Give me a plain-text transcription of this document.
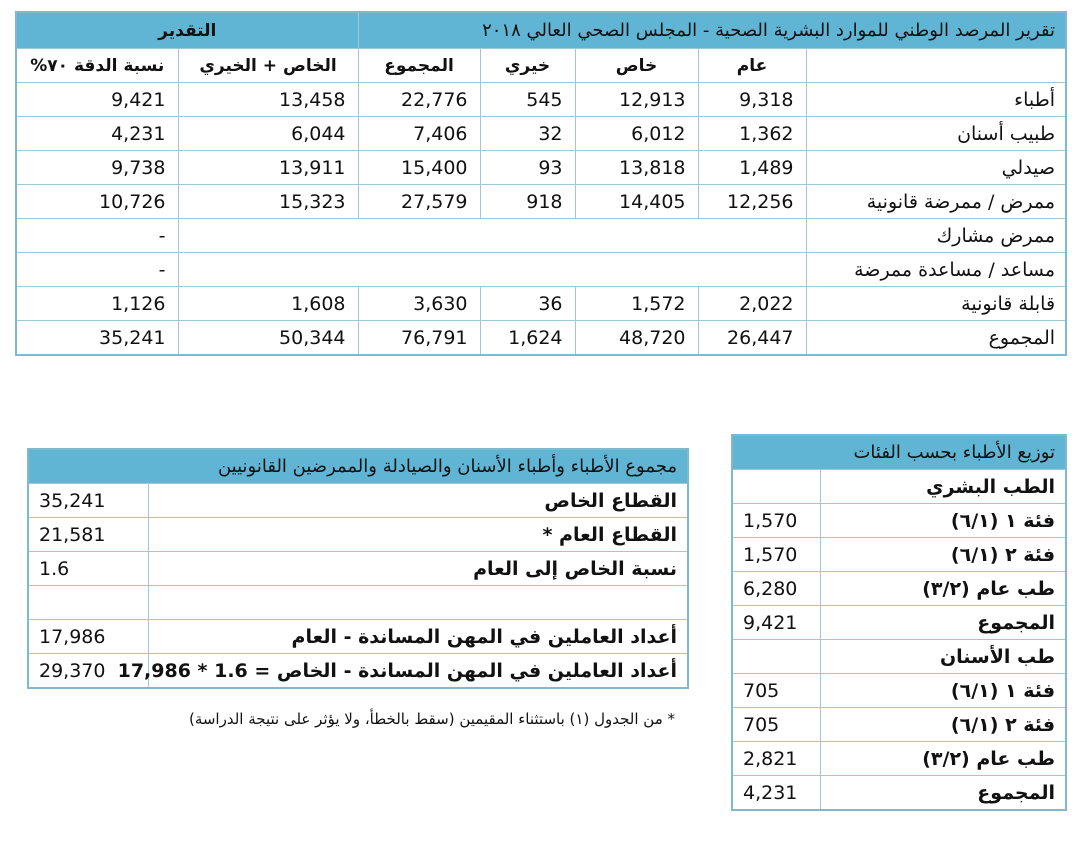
التقدير		تقرير المرصد الوطني للموارد البشرية الصحية - المجلس الصحي العالي ٢٠١٨				
نسبة الدقة ٧٠%	الخاص + الخيري	المجموع	خيري	خاص	عام	
9,421	13,458	22,776	545	12,913	9,318	أطباء
4,231	6,044	7,406	32	6,012	1,362	طبيب أسنان
9,738	13,911	15,400	93	13,818	1,489	صيدلي
10,726	15,323	27,579	918	14,405	12,256	ممرض / ممرضة قانونية
-						ممرض مشارك
-						مساعد / مساعدة ممرضة
1,126	1,608	3,630	36	1,572	2,022	قابلة قانونية
35,241	50,344	76,791	1,624	48,720	26,447	المجموع
مجموع الأطباء وأطباء الأسنان والصيادلة والممرضين القانونيين	
35,241	القطاع الخاص
21,581	القطاع العام *
1.6	نسبة الخاص إلى العام

17,986	أعداد العاملين في المهن المساندة - العام
29,370	أعداد العاملين في المهن المساندة - الخاص = 1.6 * 17,986
* من الجدول (١) باستثناء المقيمين (سقط بالخطأ، ولا يؤثر على نتيجة الدراسة)
توزيع الأطباء بحسب الفئات	
	الطب البشري
1,570	فئة ١ (٦/١)
1,570	فئة ٢ (٦/١)
6,280	طب عام (٣/٢)
9,421	المجموع
	طب الأسنان
705	فئة ١ (٦/١)
705	فئة ٢ (٦/١)
2,821	طب عام (٣/٢)
4,231	المجموع
